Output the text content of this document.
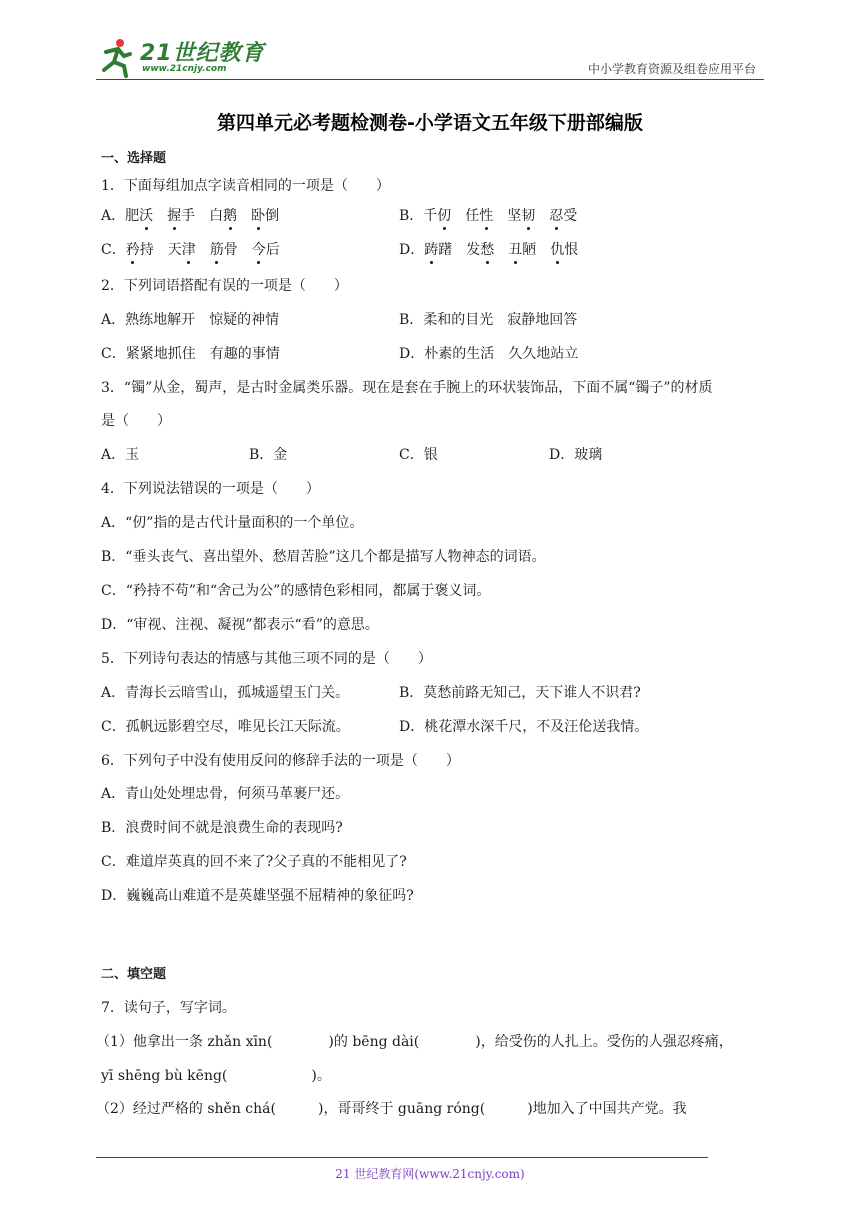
21世纪教育
www.21cnjy.com	中小学教育资源及组卷应用平台
第四单元必考题检测卷-小学语文五年级下册部编版
一、选择题
1．下面每组加点字读音相同的一项是（　　）
A．肥沃　 握手　白鹅　 卧倒	B．千仞　任性　坚韧　 忍受
C．矜持　天津　 筋骨　今后	D．踌躇　发愁　 丑陋　仇恨
2．下列词语搭配有误的一项是（　　）
A．熟练地解开　惊疑的神情	B．柔和的目光　寂静地回答
C．紧紧地抓住　有趣的事情	D．朴素的生活　久久地站立
3．“镯”从金，蜀声，是古时金属类乐器。现在是套在手腕上的环状装饰品，下面不属“镯子”的材质
是（　　）
A．玉	B．金	C．银	D．玻璃
4．下列说法错误的一项是（　　）
A．“仞”指的是古代计量面积的一个单位。
B．“垂头丧气、喜出望外、愁眉苦脸”这几个都是描写人物神态的词语。
C．“矜持不苟”和“舍己为公”的感情色彩相同，都属于褒义词。
D．“审视、注视、凝视”都表示“看”的意思。
5．下列诗句表达的情感与其他三项不同的是（　　）
A．青海长云暗雪山，孤城遥望玉门关。	B．莫愁前路无知己，天下谁人不识君?
C．孤帆远影碧空尽，唯见长江天际流。	D．桃花潭水深千尺，不及汪伦送我情。
6．下列句子中没有使用反问的修辞手法的一项是（　　）
A．青山处处埋忠骨，何须马革裹尸还。
B．浪费时间不就是浪费生命的表现吗?
C．难道岸英真的回不来了?父子真的不能相见了?
D．巍巍高山难道不是英雄坚强不屈精神的象征吗?
二、填空题
7．读句子，写字词。
（1）他拿出一条 zhǎn xīn(　　　　)的 bēng dài(　　　　)，给受伤的人扎上。受伤的人强忍疼痛，
yī shēng bù kēng(　　　　　　)。
（2）经过严格的 shěn chá(　　　)，哥哥终于 guāng róng(　　　)地加入了中国共产党。我
21 世纪教育网(www.21cnjy.com)
